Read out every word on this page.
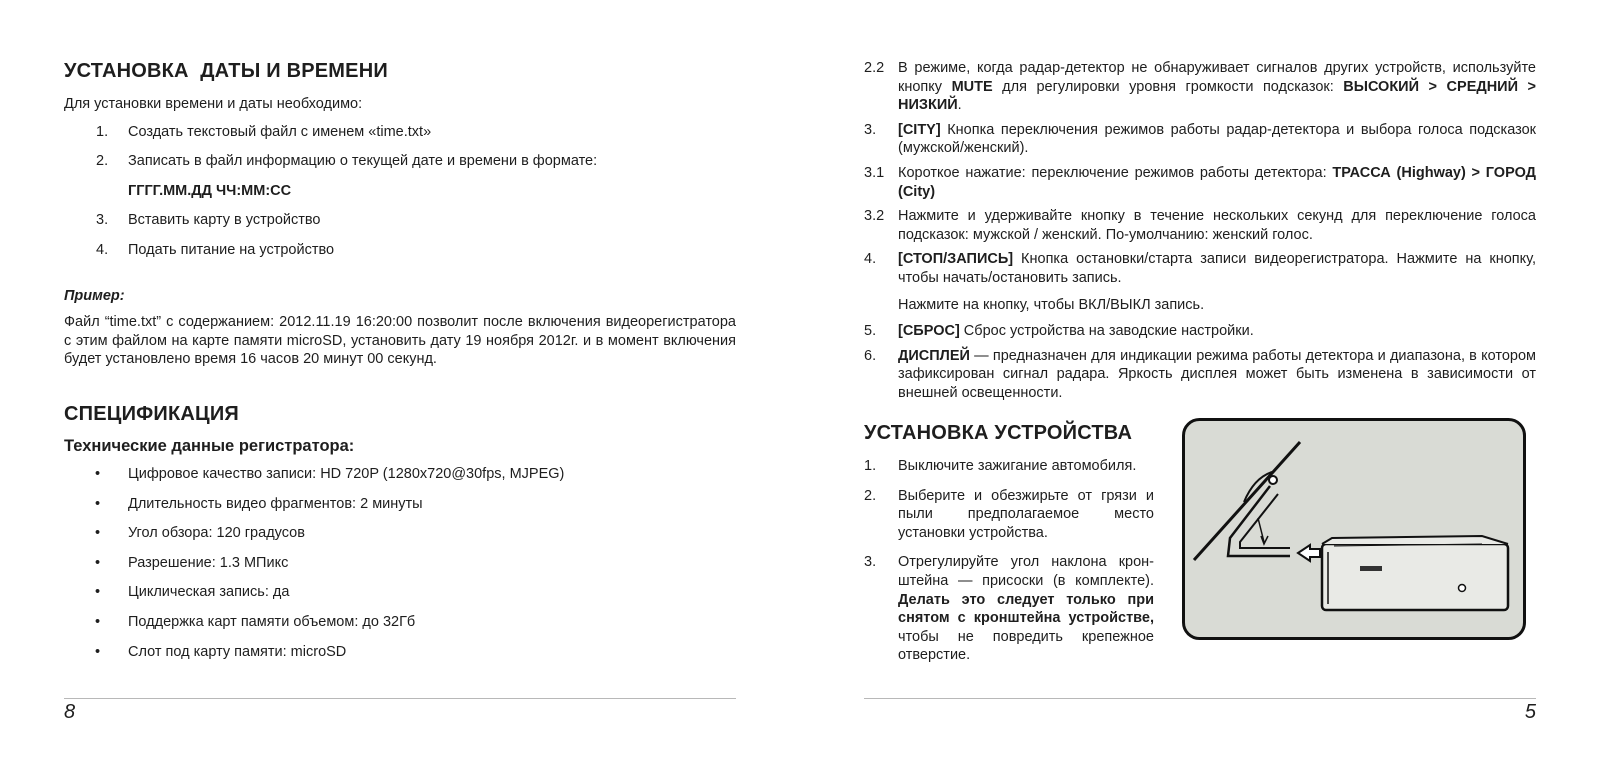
УСТАНОВКА  ДАТЫ И ВРЕМЕНИ

Для установки времени и даты необходимо:

1. Создать текстовый файл с именем «time.txt»
2. Записать в файл информацию о текущей дате и времени в формате:

ГГГГ.ММ.ДД ЧЧ:ММ:СС

3. Вставить карту в устройство
4. Подать питание на устройство

Пример:

Файл “time.txt” с содержанием: 2012.11.19 16:20:00 позволит после включения видеорегистратора с этим файлом на карте памяти microSD, установить дату 19 ноября 2012г. и в момент включения будет установлено время 16 часов 20 минут 00 секунд.

СПЕЦИФИКАЦИЯ

Технические данные регистратора:

• Цифровое качество записи: HD 720P (1280x720@30fps, MJPEG)
• Длительность видео фрагментов: 2 минуты
• Угол обзора: 120 градусов
• Разрешение: 1.3 МПикс
• Циклическая запись: да
• Поддержка карт памяти объемом: до 32Гб
• Слот под карту памяти: microSD
8
2.2 В режиме, когда радар-детектор не обнаруживает сигналов других устройств, используйте кнопку MUTE для регулировки уровня громкости подсказок: ВЫСОКИЙ > СРЕДНИЙ > НИЗКИЙ.
3. [CITY] Кнопка переключения режимов работы радар-детектора и выбора голоса подсказок (мужской/женский).
3.1 Короткое нажатие: переключение режимов работы детектора: ТРАССА (Highway) > ГОРОД (City)
3.2 Нажмите и удерживайте кнопку в течение нескольких секунд для переключение голоса подсказок: мужской / женский. По-умолчанию: женский голос.
4. [СТОП/ЗАПИСЬ] Кнопка остановки/старта записи видеорегистратора. Нажмите на кнопку, чтобы начать/остановить запись.
Нажмите на кнопку, чтобы ВКЛ/ВЫКЛ запись.
5. [СБРОС] Сброс устройства на заводские настройки.
6. ДИСПЛЕЙ — предназначен для индикации режима работы детектора и диапазона, в котором зафиксирован сигнал радара. Яркость дисплея может быть изменена в зависимости от внешней освещенности.
УСТАНОВКА УСТРОЙСТВА
1. Выключите зажигание автомобиля.
2. Выберите и обезжирьте от грязи и пыли предполагаемое место установки устройства.
3. Отрегулируйте угол наклона крон-штейна — присоски (в комплекте). Делать это следует только при снятом с кронштейна устройстве, чтобы не повредить крепежное отверстие.
5
